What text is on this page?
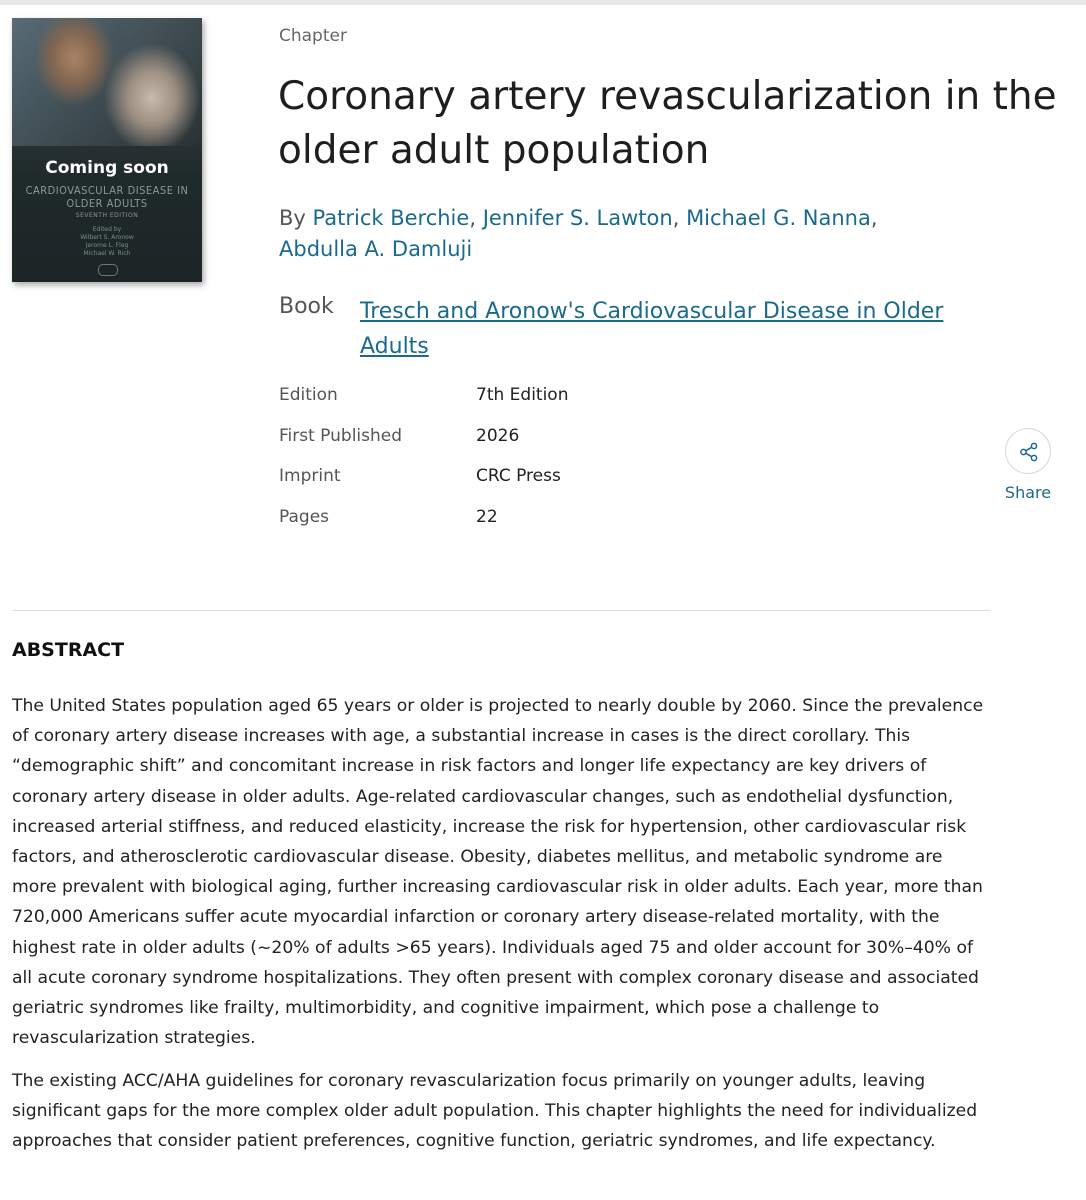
Coming soon
CARDIOVASCULAR DISEASE IN OLDER ADULTS
SEVENTH EDITION
Edited by
Wilbert S. Aronow
Jerome L. Fleg
Michael W. Rich
Chapter
Coronary artery revascularization in the older adult population
By Patrick Berchie, Jennifer S. Lawton, Michael G. Nanna, Abdulla A. Damluji
Book Tresch and Aronow's Cardiovascular Disease in Older Adults
Edition	7th Edition
First Published	2026
Imprint	CRC Press
Pages	22
Share
ABSTRACT

The United States population aged 65 years or older is projected to nearly double by 2060. Since the prevalence of coronary artery disease increases with age, a substantial increase in cases is the direct corollary. This “demographic shift” and concomitant increase in risk factors and longer life expectancy are key drivers of coronary artery disease in older adults. Age-related cardiovascular changes, such as endothelial dysfunction, increased arterial stiffness, and reduced elasticity, increase the risk for hypertension, other cardiovascular risk factors, and atherosclerotic cardiovascular disease. Obesity, diabetes mellitus, and metabolic syndrome are more prevalent with biological aging, further increasing cardiovascular risk in older adults. Each year, more than 720,000 Americans suffer acute myocardial infarction or coronary artery disease-related mortality, with the highest rate in older adults (~20% of adults >65 years). Individuals aged 75 and older account for 30%–40% of all acute coronary syndrome hospitalizations. They often present with complex coronary disease and associated geriatric syndromes like frailty, multimorbidity, and cognitive impairment, which pose a challenge to revascularization strategies.

The existing ACC/AHA guidelines for coronary revascularization focus primarily on younger adults, leaving significant gaps for the more complex older adult population. This chapter highlights the need for individualized approaches that consider patient preferences, cognitive function, geriatric syndromes, and life expectancy.
